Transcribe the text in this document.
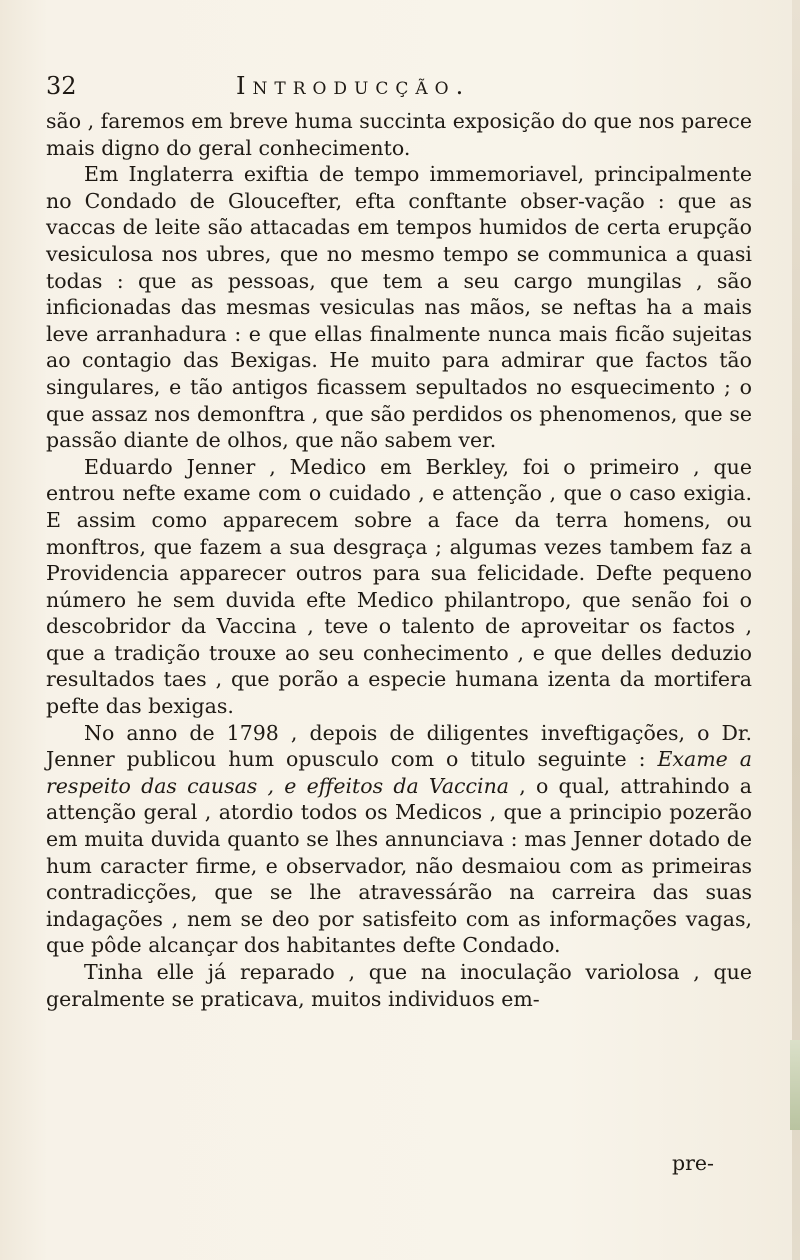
32	Introducção.

são , faremos em breve huma succinta exposição do que nos parece mais digno do geral conhecimento.

Em Inglaterra exiftia de tempo immemoriavel, principalmente no Condado de Gloucefter, efta conftante obser-vação : que as vaccas de leite são attacadas em tempos humidos de certa erupção vesiculosa nos ubres, que no mesmo tempo se communica a quasi todas : que as pessoas, que tem a seu cargo mungilas , são inficionadas das mesmas vesiculas nas mãos, se neftas ha a mais leve arranhadura : e que ellas finalmente nunca mais ficão sujeitas ao contagio das Bexigas. He muito para admirar que factos tão singulares, e tão antigos ficassem sepultados no esquecimento ; o que assaz nos demonftra , que são perdidos os phenomenos, que se passão diante de olhos, que não sabem ver.

Eduardo Jenner , Medico em Berkley, foi o primeiro , que entrou nefte exame com o cuidado , e attenção , que o caso exigia. E assim como apparecem sobre a face da terra homens, ou monftros, que fazem a sua desgraça ; algumas vezes tambem faz a Providencia apparecer outros para sua felicidade. Defte pequeno número he sem duvida efte Medico philantropo, que senão foi o descobridor da Vaccina , teve o talento de aproveitar os factos , que a tradição trouxe ao seu conhecimento , e que delles deduzio resultados taes , que porão a especie humana izenta da mortifera pefte das bexigas.

No anno de 1798 , depois de diligentes inveftigações, o Dr. Jenner publicou hum opusculo com o titulo seguinte : Exame a respeito das causas , e effeitos da Vaccina , o qual, attrahindo a attenção geral , atordio todos os Medicos , que a principio pozerão em muita duvida quanto se lhes annunciava : mas Jenner dotado de hum caracter firme, e observador, não desmaiou com as primeiras contradicções, que se lhe atravessárão na carreira das suas indagações , nem se deo por satisfeito com as informações vagas, que pôde alcançar dos habitantes defte Condado.

Tinha elle já reparado , que na inoculação variolosa , que geralmente se praticava, muitos individuos em-

pre-
